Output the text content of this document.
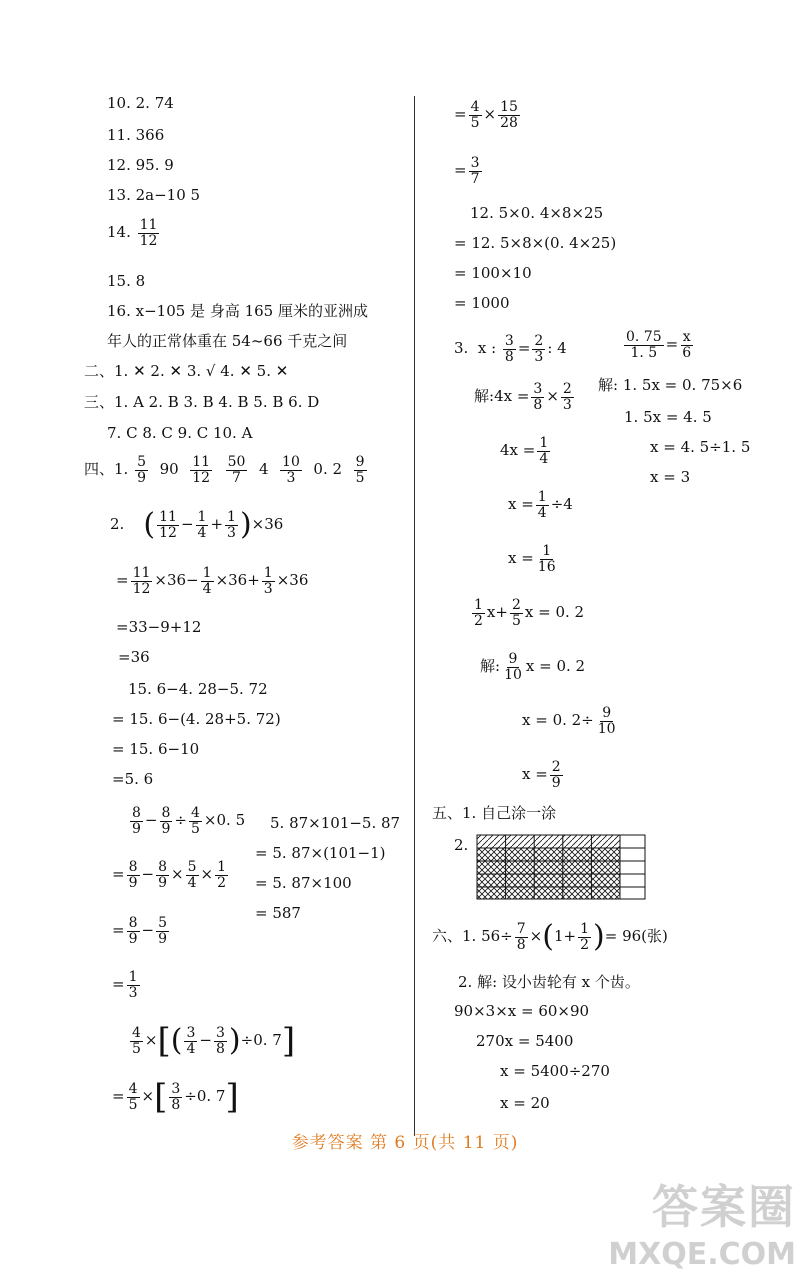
10. 2. 74
11. 366
12. 95. 9
13. 2a−10 5
14. $\frac{11}{12}$
15. 8
16. x−105 是 身高 165 厘米的亚洲成
年人的正常体重在 54~66 千克之间
二、1. ✕ 2. ✕ 3. √ 4. ✕ 5. ✕
三、1. A 2. B 3. B 4. B 5. B 6. D
7. C 8. C 9. C 10. A
四、1. $\frac{5}{9} 90 \frac{11}{12}$
$\frac{50}{7} 4 \frac{10}{3} 0$. $2 \frac{9}{5}$
2. ( $\frac{11}{12} - \frac{1}{4} + \frac{1}{3} )\times 36$
= $\frac{11}{12} \times 36- \frac{1}{4} \times 36+ \frac{1}{3} \times 36$
=33−9+12
=36
15. 6−4. 28−5. 72
= 15. 6−(4. 28+5. 72)
= 15. 6−10
=5. 6
$\frac{8}{9} - \frac{8}{9} \div \frac{4}{5} \times 0$. 5
= $\frac{8}{9} - \frac{8}{9} \times \frac{5}{4} \times \frac{1}{2}$
= $\frac{8}{9} - \frac{5}{9}$
= $\frac{1}{3}$
5. 87×101−5. 87
= 5. 87×(101−1)
= 5. 87×100
= 587
$\frac{4}{5}$ ×[( $\frac{3}{4} - \frac{3}{8} )\div 0$. 7]
= $\frac{4}{5}$ ×[ $\frac{3}{8} \div 0$. 7]
= $\frac{4}{5} \times \frac{15}{28}$
= $\frac{3}{7}$
12. 5×0. 4×8×25
= 12. 5×8×(0. 4×25)
= 100×10
= 1000
3. x : $\frac{3}{8} = \frac{2}{3}$ : 4	$\frac{0. 75}{1. 5} = \frac{x}{6}$
解:4x = $\frac{3}{8} \times \frac{2}{3}$
$4x = \frac{1}{4}$
$x = \frac{1}{4} \div 4$
$x = \frac{1}{16}$
解: 1. 5x = 0. 75×6
1. 5x = 4. 5
x = 4. 5÷1. 5
x = 3
$\frac{1}{2} x+ \frac{2}{5}$ x = 0. 2
解: $\frac{9}{10}$ x = 0. 2
x = 0. $2\div \frac{9}{10}$
$x = \frac{2}{9}$
五、1. 自己涂一涂
2.
六、1. $56\div \frac{7}{8} \times(1+ \frac{1}{2}$ )= 96(张)
2. 解: 设小齿轮有 x 个齿。
90×3×x = 60×90
270x = 5400
x = 5400÷270
x = 20
参考答案 第 6 页(共 11 页)
答案圈
MXQE.COM
